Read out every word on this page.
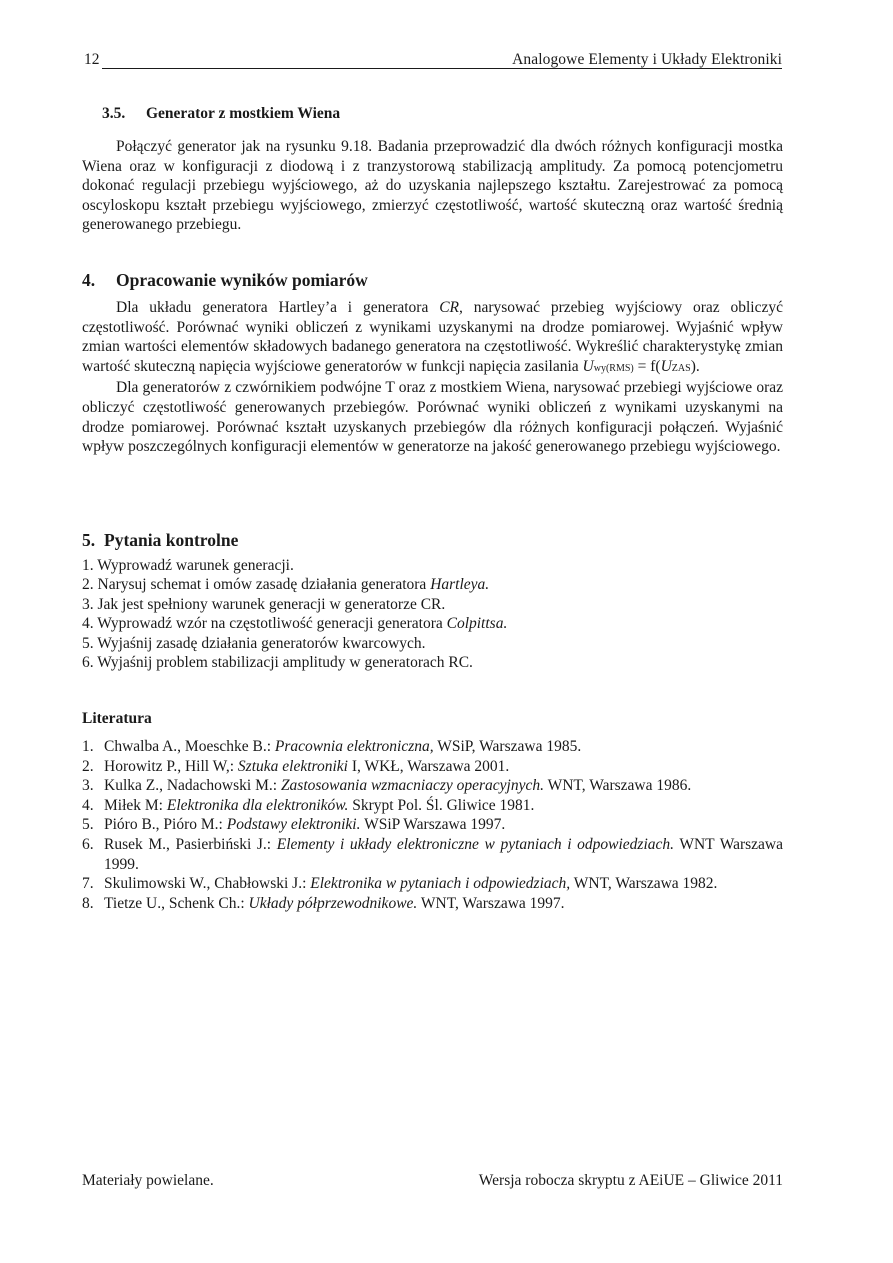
12	Analogowe Elementy i Układy Elektroniki
3.5. Generator z mostkiem Wiena

Połączyć generator jak na rysunku 9.18. Badania przeprowadzić dla dwóch różnych konfiguracji mostka Wiena oraz w konfiguracji z diodową i z tranzystorową stabilizacją amplitudy. Za pomocą potencjometru dokonać regulacji przebiegu wyjściowego, aż do uzyskania najlepszego kształtu. Zarejestrować za pomocą oscyloskopu kształt przebiegu wyjściowego, zmierzyć częstotliwość, wartość skuteczną oraz wartość średnią generowanego przebiegu.

4. Opracowanie wyników pomiarów

Dla układu generatora Hartley’a i generatora CR, narysować przebieg wyjściowy oraz obliczyć częstotliwość. Porównać wyniki obliczeń z wynikami uzyskanymi na drodze pomiarowej. Wyjaśnić wpływ zmian wartości elementów składowych badanego generatora na częstotliwość. Wykreślić charakterystykę zmian wartość skuteczną napięcia wyjściowe generatorów w funkcji napięcia zasilania Uwy(RMS) = f(UZAS).

Dla generatorów z czwórnikiem podwójne T oraz z mostkiem Wiena, narysować przebiegi wyjściowe oraz obliczyć częstotliwość generowanych przebiegów. Porównać wyniki obliczeń z wynikami uzyskanymi na drodze pomiarowej. Porównać kształt uzyskanych przebiegów dla różnych konfiguracji połączeń. Wyjaśnić wpływ poszczególnych konfiguracji elementów w generatorze na jakość generowanego przebiegu wyjściowego.

5. Pytania kontrolne
1. Wyprowadź warunek generacji.
2. Narysuj schemat i omów zasadę działania generatora Hartleya.
3. Jak jest spełniony warunek generacji w generatorze CR.
4. Wyprowadź wzór na częstotliwość generacji generatora Colpittsa.
5. Wyjaśnij zasadę działania generatorów kwarcowych.
6. Wyjaśnij problem stabilizacji amplitudy w generatorach RC.
Literatura
1. Chwalba A., Moeschke B.: Pracownia elektroniczna, WSiP, Warszawa 1985.
2. Horowitz P., Hill W,: Sztuka elektroniki I, WKŁ, Warszawa 2001.
3. Kulka Z., Nadachowski M.: Zastosowania wzmacniaczy operacyjnych. WNT, Warszawa 1986.
4. Miłek M: Elektronika dla elektroników. Skrypt Pol. Śl. Gliwice 1981.
5. Pióro B., Pióro M.: Podstawy elektroniki. WSiP Warszawa 1997.
6. Rusek M., Pasierbiński J.: Elementy i układy elektroniczne w pytaniach i odpowiedziach. WNT Warszawa 1999.
7. Skulimowski W., Chabłowski J.: Elektronika w pytaniach i odpowiedziach, WNT, Warszawa 1982.
8. Tietze U., Schenk Ch.: Układy półprzewodnikowe. WNT, Warszawa 1997.
Materiały powielane.	Wersja robocza skryptu z AEiUE – Gliwice 2011
